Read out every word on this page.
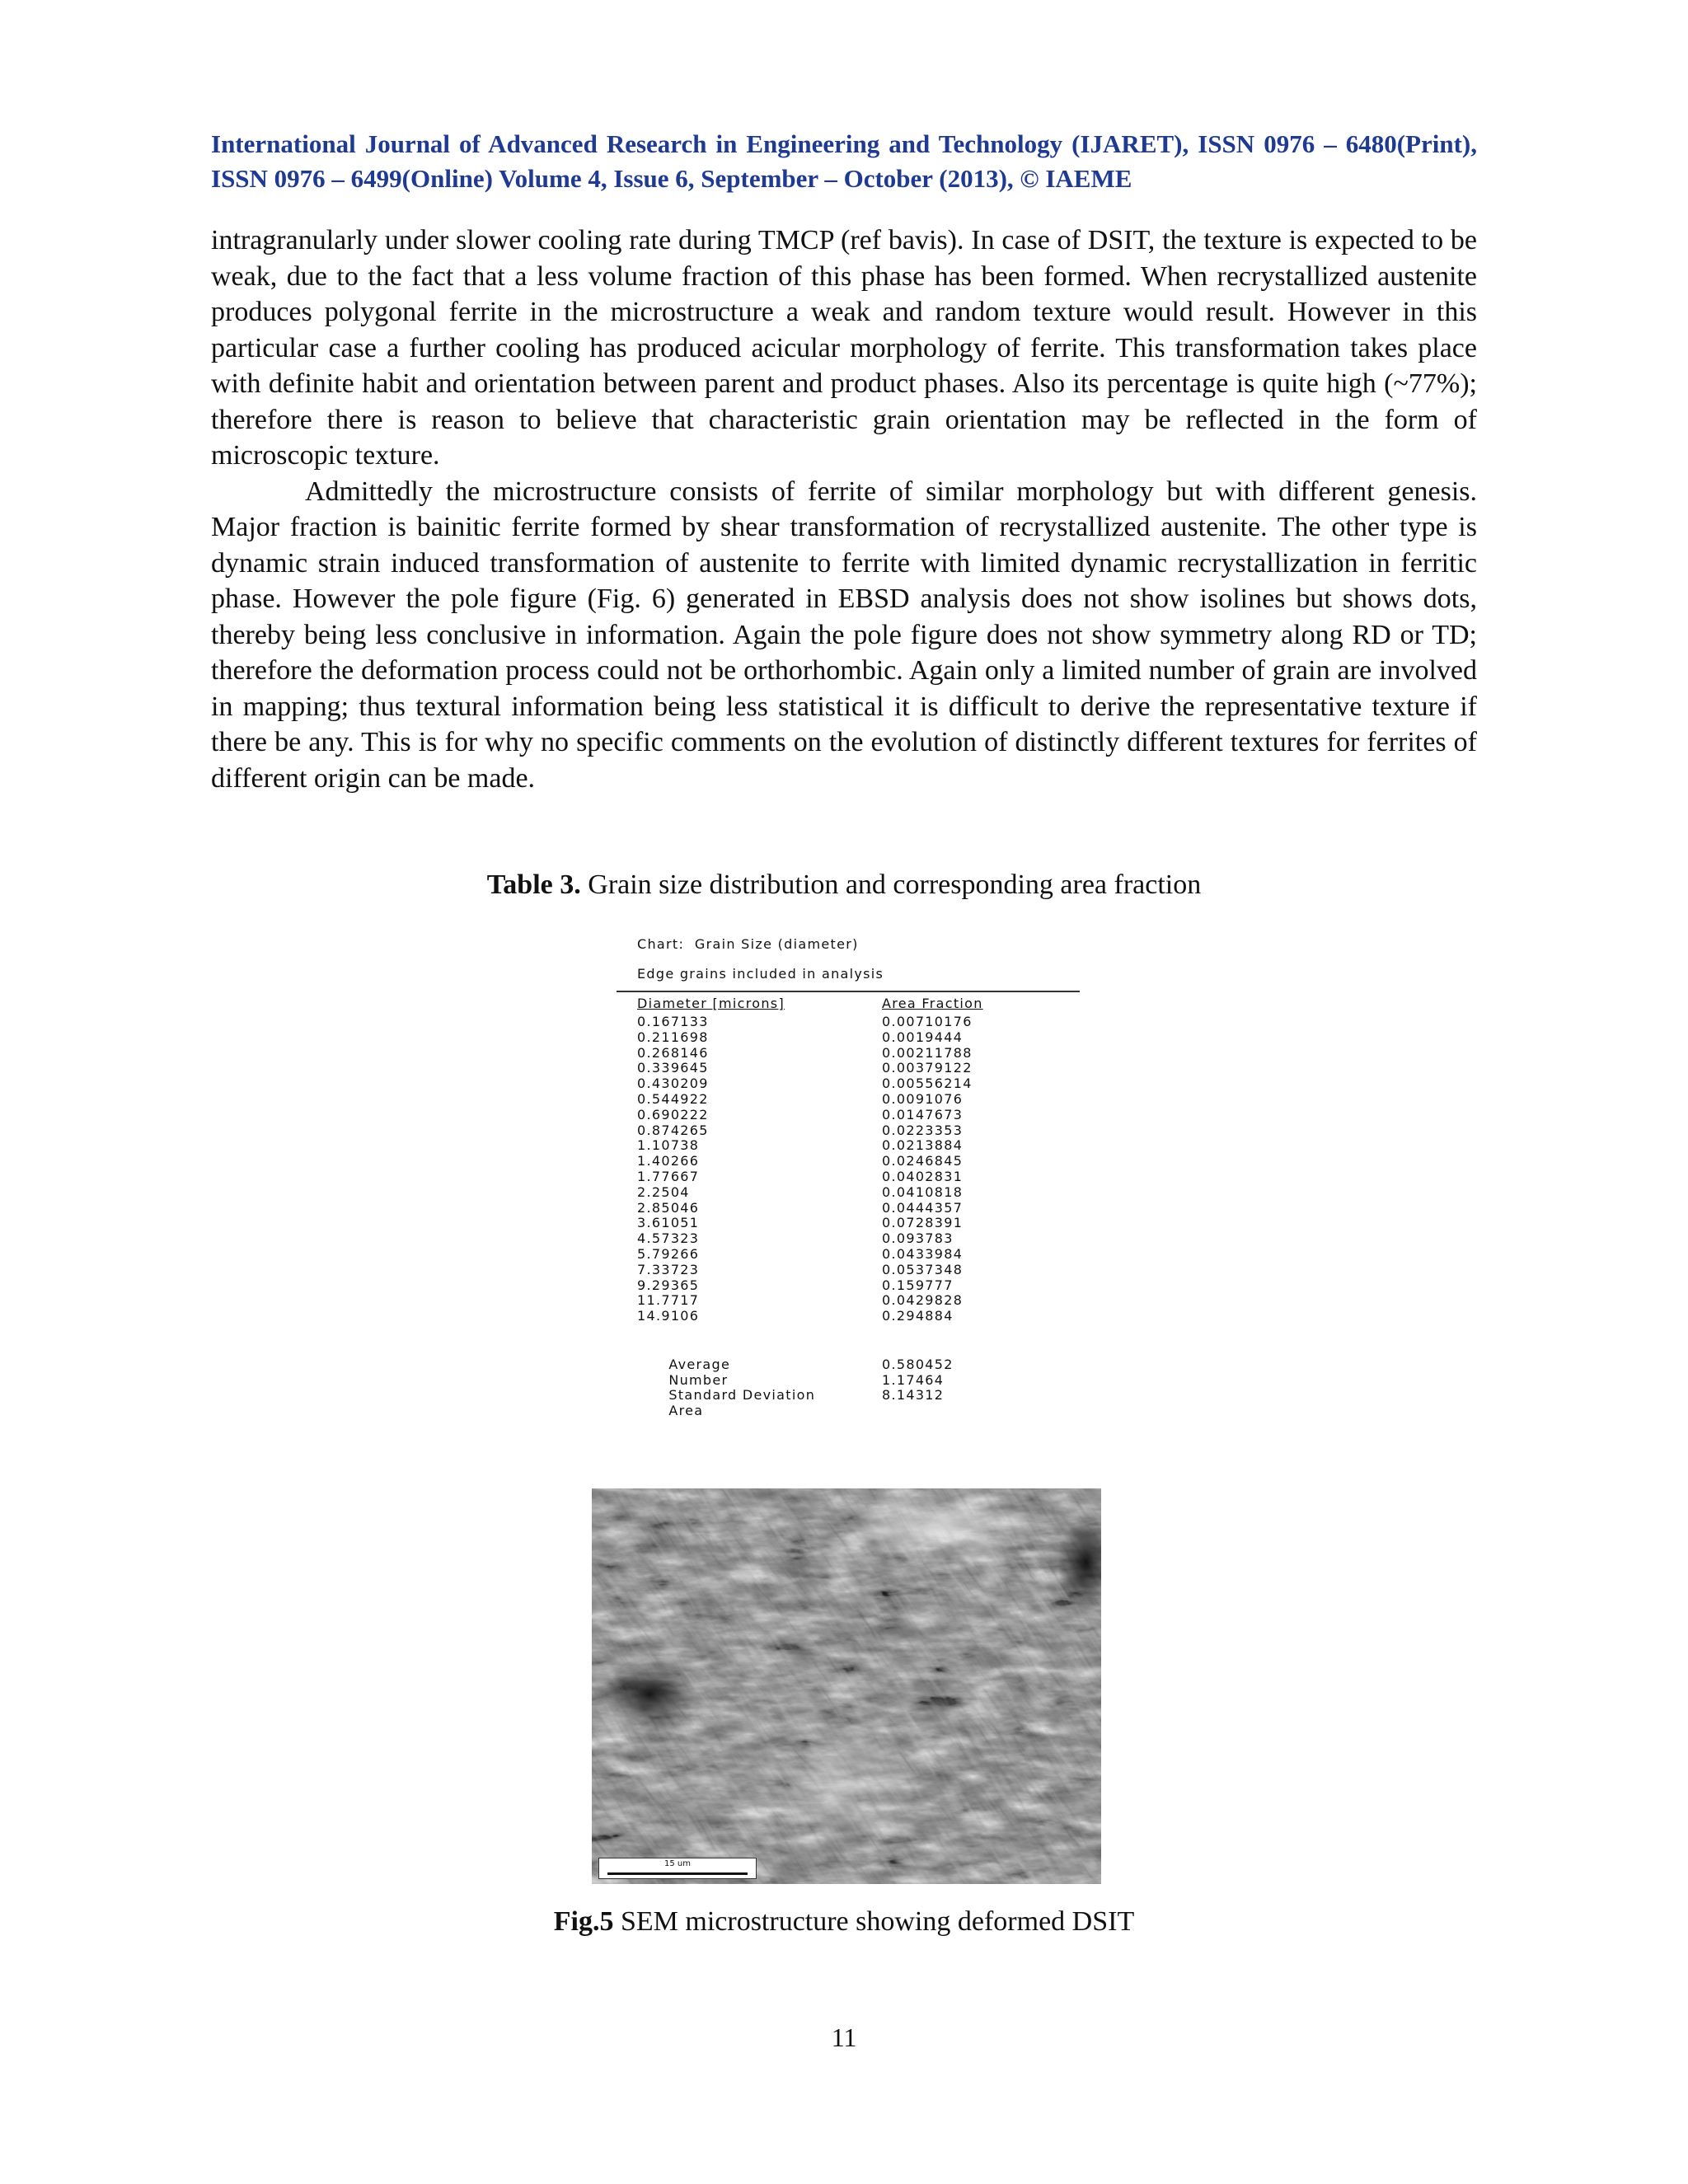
International Journal of Advanced Research in Engineering and Technology (IJARET), ISSN 0976 – 6480(Print), ISSN 0976 – 6499(Online) Volume 4, Issue 6, September – October (2013), © IAEME

intragranularly under slower cooling rate during TMCP (ref bavis). In case of DSIT, the texture is expected to be weak, due to the fact that a less volume fraction of this phase has been formed. When recrystallized austenite produces polygonal ferrite in the microstructure a weak and random texture would result. However in this particular case a further cooling has produced acicular morphology of ferrite. This transformation takes place with definite habit and orientation between parent and product phases. Also its percentage is quite high (~77%); therefore there is reason to believe that characteristic grain orientation may be reflected in the form of microscopic texture.

Admittedly the microstructure consists of ferrite of similar morphology but with different genesis. Major fraction is bainitic ferrite formed by shear transformation of recrystallized austenite. The other type is dynamic strain induced transformation of austenite to ferrite with limited dynamic recrystallization in ferritic phase. However the pole figure (Fig. 6) generated in EBSD analysis does not show isolines but shows dots, thereby being less conclusive in information. Again the pole figure does not show symmetry along RD or TD; therefore the deformation process could not be orthorhombic. Again only a limited number of grain are involved in mapping; thus textural information being less statistical it is difficult to derive the representative texture if there be any. This is for why no specific comments on the evolution of distinctly different textures for ferrites of different origin can be made.

Table 3. Grain size distribution and corresponding area fraction
Chart:  Grain Size (diameter)
Edge grains included in analysis
Diameter [microns]	Area Fraction
0.167133
0.211698
0.268146
0.339645
0.430209
0.544922
0.690222
0.874265
1.10738
1.40266
1.77667
2.2504
2.85046
3.61051
4.57323
5.79266
7.33723
9.29365
11.7717
14.9106
0.00710176
0.0019444
0.00211788
0.00379122
0.00556214
0.0091076
0.0147673
0.0223353
0.0213884
0.0246845
0.0402831
0.0410818
0.0444357
0.0728391
0.093783
0.0433984
0.0537348
0.159777
0.0429828
0.294884

Average

Number

0.580452

Standard Deviation

1.17464

Area

8.14312

15 um
Fig.5 SEM microstructure showing deformed DSIT
11
